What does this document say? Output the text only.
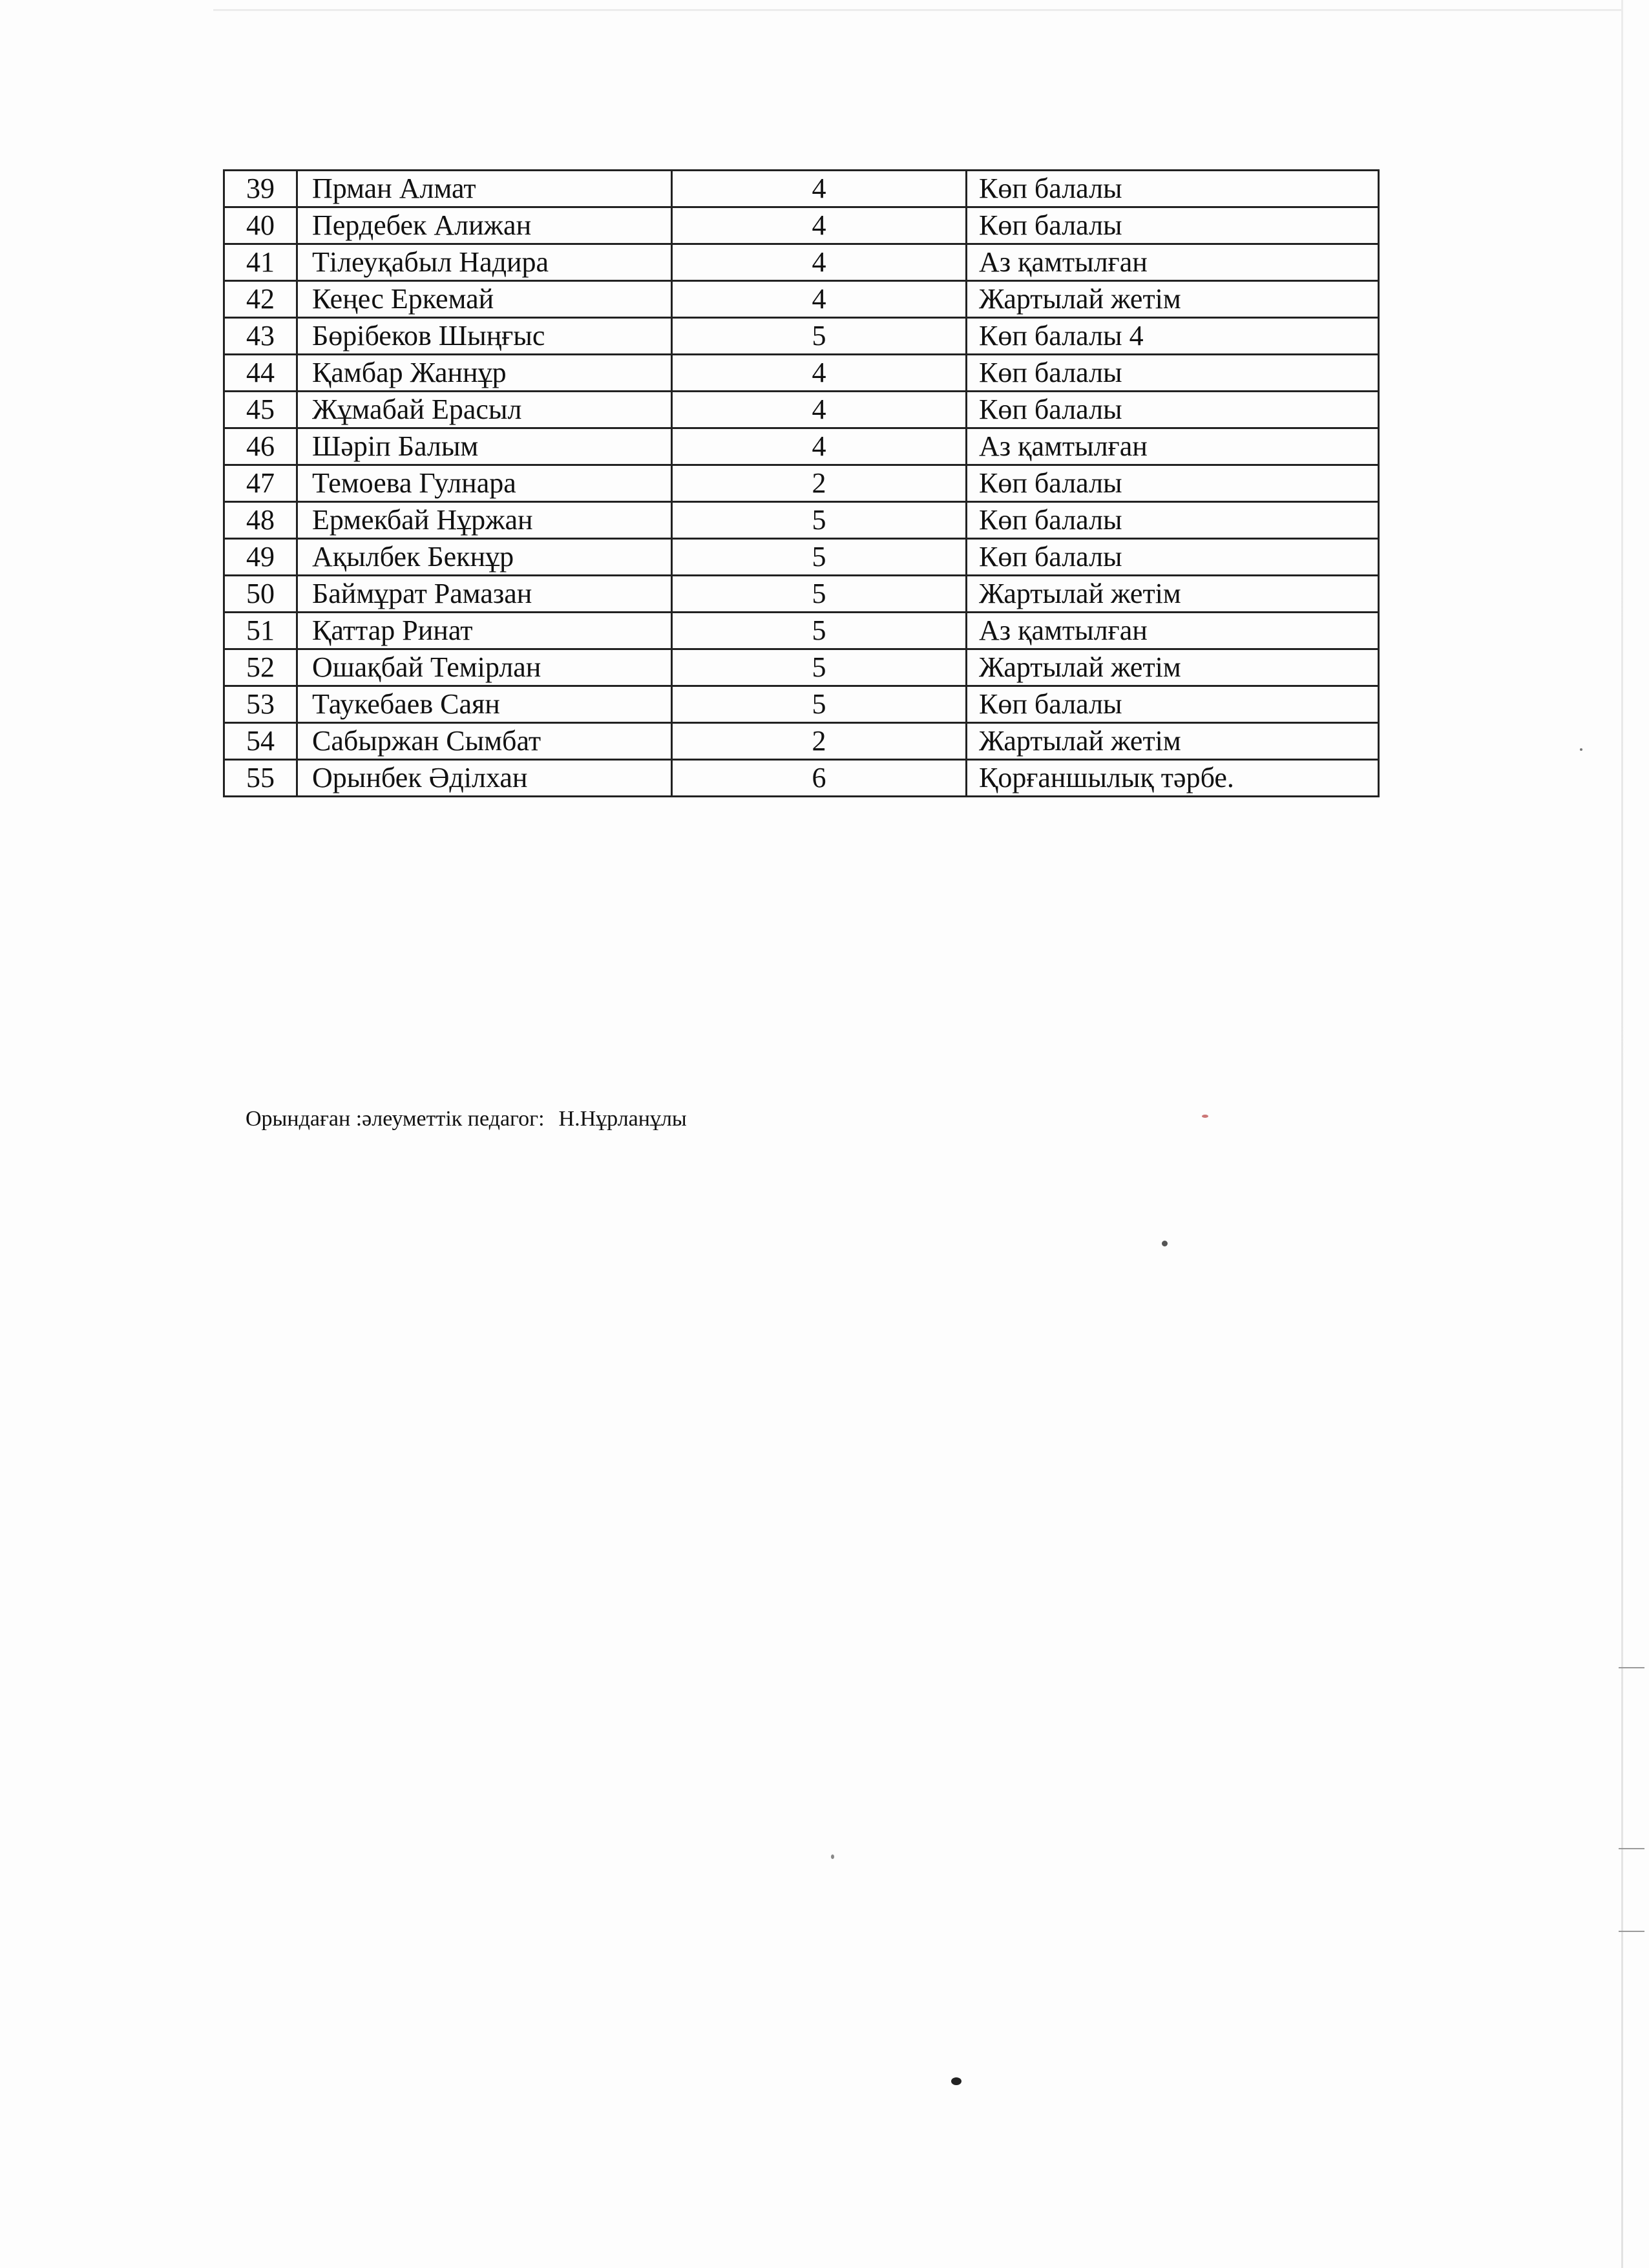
39	Прман Алмат	4	Көп балалы
40	Пердебек Алижан	4	Көп балалы
41	Тілеуқабыл Надира	4	Аз қамтылған
42	Кеңес Еркемай	4	Жартылай жетім
43	Бөрібеков Шыңғыс	5	Көп балалы 4
44	Қамбар Жаннұр	4	Көп балалы
45	Жұмабай Ерасыл	4	Көп балалы
46	Шәріп Балым	4	Аз қамтылған
47	Темоева Гулнара	2	Көп балалы
48	Ермекбай Нұржан	5	Көп балалы
49	Ақылбек Бекнұр	5	Көп балалы
50	Баймұрат Рамазан	5	Жартылай жетім
51	Қаттар Ринат	5	Аз қамтылған
52	Ошақбай Темірлан	5	Жартылай жетім
53	Таукебаев Саян	5	Көп балалы
54	Сабыржан Сымбат	2	Жартылай жетім
55	Орынбек Әділхан	6	Қорғаншылық тәрбе.
Орындаған :әлеуметтік педагог: Н.Нұрланұлы
